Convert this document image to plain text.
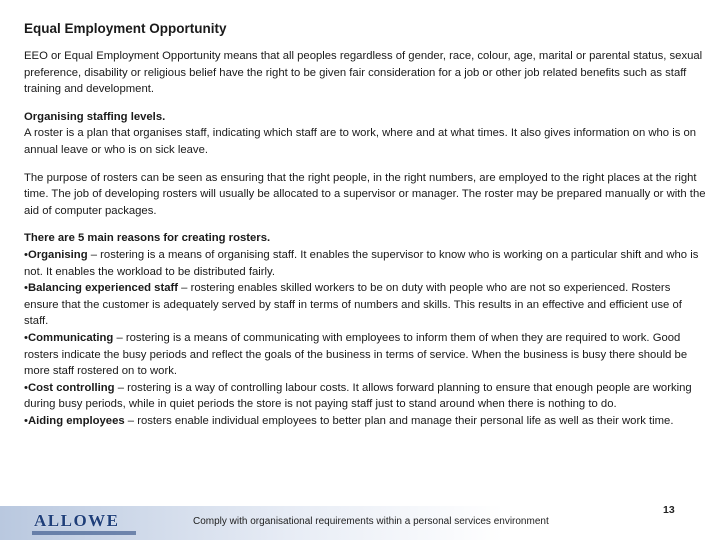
Equal Employment Opportunity

EEO or Equal Employment Opportunity means that all peoples regardless of gender, race, colour, age, marital or parental status, sexual preference, disability or religious belief have the right to be given fair consideration for a job or other job related benefits such as staff training and development.

Organising staffing levels.
A roster is a plan that organises staff, indicating which staff are to work, where and at what times. It also gives information on who is on annual leave or who is on sick leave.

The purpose of rosters can be seen as ensuring that the right people, in the right numbers, are employed to the right places at the right time. The job of developing rosters will usually be allocated to a supervisor or manager. The roster may be prepared manually or with the aid of computer packages.

There are 5 main reasons for creating rosters.
•Organising – rostering is a means of organising staff. It enables the supervisor to know who is working on a particular shift and who is not. It enables the workload to be distributed fairly.
•Balancing experienced staff – rostering enables skilled workers to be on duty with people who are not so experienced. Rosters ensure that the customer is adequately served by staff in terms of numbers and skills. This results in an effective and efficient use of staff.
•Communicating – rostering is a means of communicating with employees to inform them of when they are required to work. Good rosters indicate the busy periods and reflect the goals of the business in terms of service. When the business is busy there should be more staff rostered on to work.
•Cost controlling – rostering is a way of controlling labour costs. It allows forward planning to ensure that enough people are working during busy periods, while in quiet periods the store is not paying staff just to stand around when there is nothing to do.
•Aiding employees – rosters enable individual employees to better plan and manage their personal life as well as their work time.
ALLOWE	Comply with organisational requirements within a personal services environment
13
